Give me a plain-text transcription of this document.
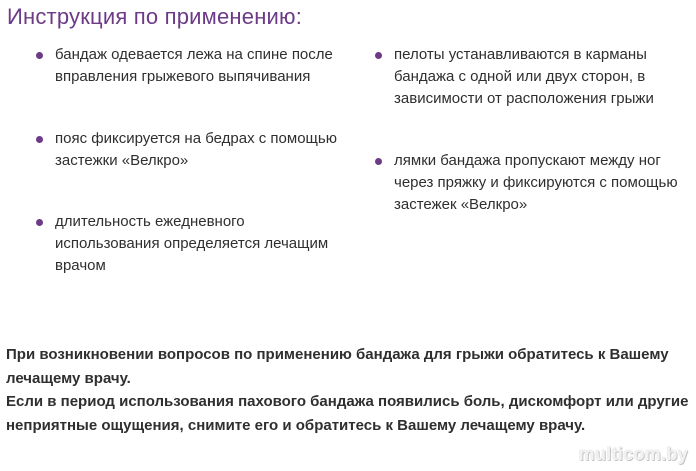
Инструкция по применению:
бандаж одевается лежа на спине после вправления грыжевого выпячивания
пояс фиксируется на бедрах с помощью застежки «Велкро»
длительность ежедневного использования определяется лечащим врачом
пелоты устанавливаются в карманы бандажа с одной или двух сторон, в зависимости от расположения грыжи
лямки бандажа пропускают между ног через пряжку и фиксируются с помощью застежек «Велкро»

При возникновении вопросов по применению бандажа для грыжи обратитесь к Вашему лечащему врачу.

Если в период использования пахового бандажа появились боль, дискомфорт или другие неприятные ощущения, снимите его и обратитесь к Вашему лечащему врачу.

multicom.by
